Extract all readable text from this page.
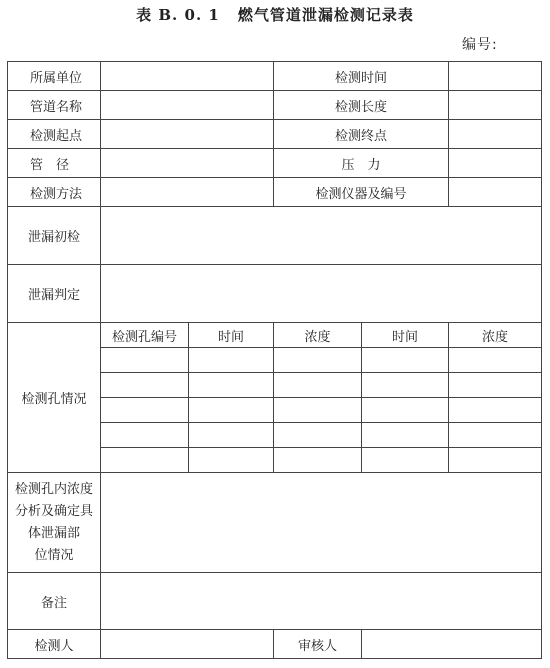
表 B. 0. 1 燃气管道泄漏检测记录表
编号:
所属单位			检测时间		
管道名称			检测长度		
检测起点			检测终点		
管　径			压　力		
检测方法			检测仪器及编号		
泄漏初检					
泄漏判定					
检测孔情况	检测孔编号	时间	浓度	时间	浓度

检测孔内浓度
分析及确定具
体泄漏部
位情况					

备注					
检测人			审核人		
